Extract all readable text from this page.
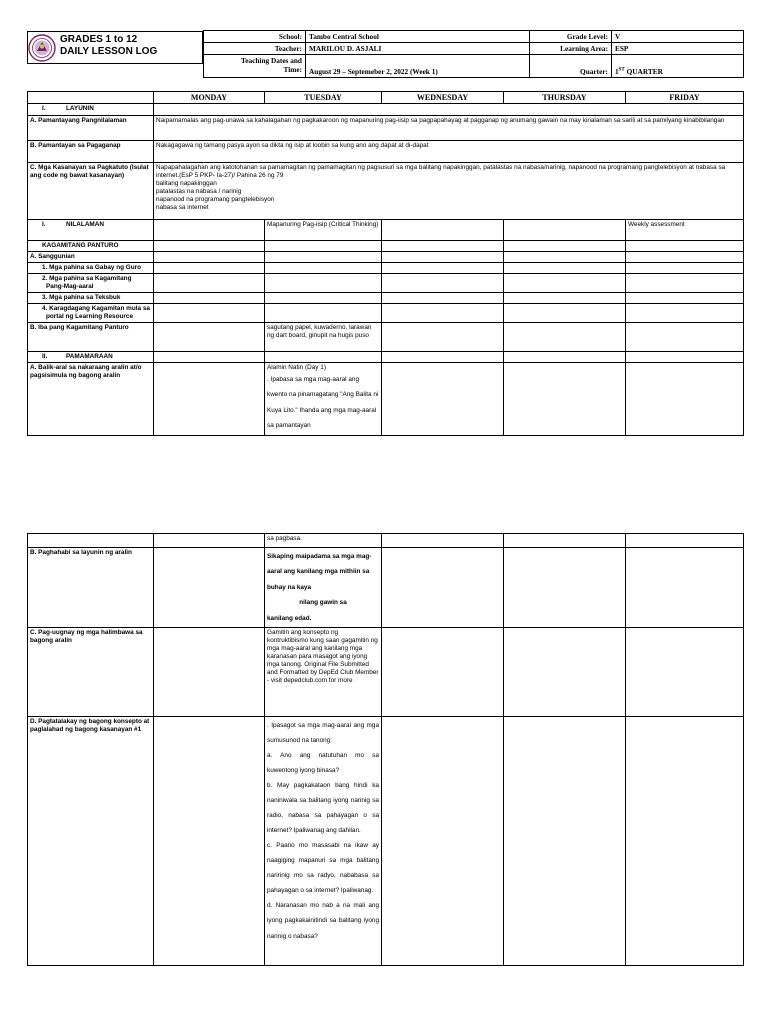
GRADES 1 to 12
DAILY LESSON LOG
School:	Tambo Central School	Grade Level:	V
Teacher:	MARILOU D. ASJALI	Learning Area:	ESP
Teaching Dates and
Time:	August 29 – Septemeber 2, 2022 (Week 1)	Quarter:	1ST QUARTER
	MONDAY	TUESDAY	WEDNESDAY	THURSDAY	FRIDAY
I. LAYUNIN					
A. Pamantayang Pangnilalaman	Naipamamalas ang pag-unawa sa kahalagahan ng pagkakaroon ng mapanuring pag-iisip sa pagpapahayag at pagganap ng anumang gawain na may kinalaman sa sarili at sa pamilyang kinabibilangan				
B. Pamantayan sa Pagaganap	Nakagagawa ng tamang pasya ayon sa dikta ng isip at loobin sa kung ano ang dapat at di-dapat				
C. Mga Kasanayan sa Pagkatuto (Isulat ang code ng bawat kasanayan)	Napapahalagahan ang katotohanan sa pamamagitan ng pamamagitan ng pagsusuri sa mga balitang napakinggan, patalastas na nabasa/narinig, napanood na programang pangtelebisyon at nabasa sa internet.(EsP 5 PKP- Ia-27)/ Pahina 26 ng 79
balitang napakinggan
patalastas na nabasa / narinig
napanood na programang pangtelebisyon
nabasa sa internet				

I. NILALAMAN		Mapanuring Pag-iisip (Critical Thinking)			Weekly assessment
KAGAMITANG PANTURO					
A. Sanggunian					
1. Mga pahina sa Gabay ng Guro					
2. Mga pahina sa Kagamitang Pang-Mag-aaral					
3. Mga pahina sa Teksbuk					
4. Karagdagang Kagamitan mula sa portal ng Learning Resource					
B. Iba pang Kagamitang Panturo		sagutang papel, kuwaderno, larawan ng dart board, ginupit na hugis puso			
II. PAMAMARAAN					
A. Balik-aral sa nakaraang aralin at/o pagsisimula ng bagong aralin		Alamin Natin (Day 1)
. Ipabasa sa mga mag-aaral ang kwento na pinamagatang "Ang Balita ni Kuya Lito." Ihanda ang mga mag-aaral sa pamantayan			

		sa pagbasa.			
B. Paghahabi sa layunin ng aralin		Sikaping maipadama sa mga mag-aaral ang kanilang mga mithiin sa buhay na kaya
nilang gawin sa
kanilang edad.			

C. Pag-uugnay ng mga halimbawa sa bagong aralin		Gamitin ang konsepto ng kontruktibismo kung saan gagamitin ng mga mag-aaral ang kanilang mga karanasan para masagot ang iyong mga tanong. Original File Submitted and Formatted by DepEd Club Member - visit depedclub.com for more			
D. Pagtatalakay ng bagong konsepto at paglalahad ng bagong kasanayan #1		. Ipasagot sa mga mag-aaral ang mga sumusunod na tanong:
a. Ano ang natutuhan mo sa kuwentong iyong binasa?
b. May pagkakataon bang hindi ka naniniwala sa balitang iyong narinig sa radio, nabasa sa pahayagan o sa internet? Ipaliwanag ang dahilan.
c. Paano mo masasabi na ikaw ay naagiging mapanuri sa mga balitang naririnig mo sa radyo, nababasa sa pahayagan o sa internet? Ipaliwanag.
d. Naranasan mo nab a na mali ang iyong pagkakainitindi sa balitang iyong narinig o nabasa?			
